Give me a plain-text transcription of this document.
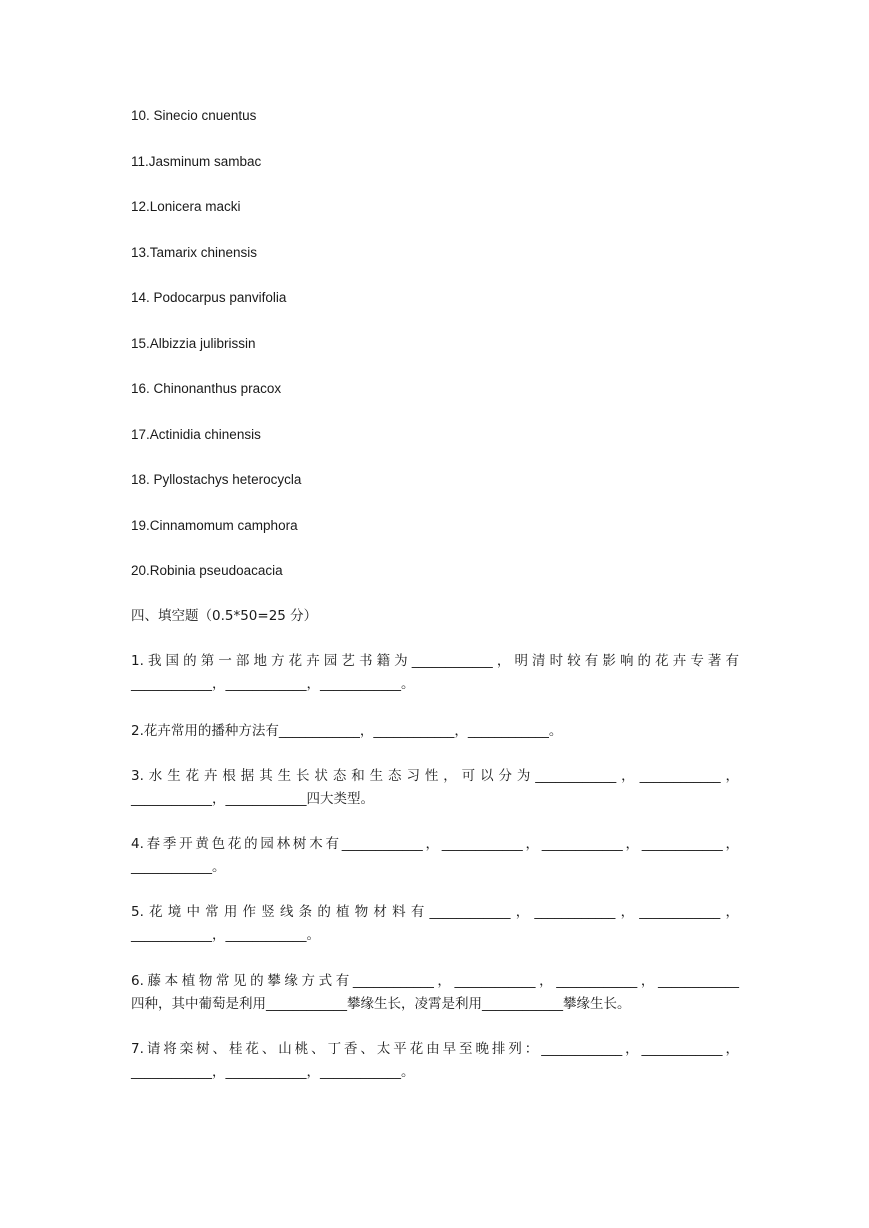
10. Sinecio cnuentus
11.Jasminum sambac
12.Lonicera macki
13.Tamarix chinensis
14. Podocarpus panvifolia
15.Albizzia julibrissin
16. Chinonanthus pracox
17.Actinidia chinensis
18. Pyllostachys heterocycla
19.Cinnamomum camphora
20.Robinia pseudoacacia
四、填空题（0.5*50=25 分）
1.我国的第一部地方花卉园艺书籍为____________，明清时较有影响的花卉专著有
____________，____________，____________。
2.花卉常用的播种方法有____________，____________，____________。
3.水生花卉根据其生长状态和生态习性，可以分为____________，____________，
____________，____________四大类型。
4.春季开黄色花的园林树木有____________，____________，____________，____________，
____________。
5.花境中常用作竖线条的植物材料有____________，____________，____________，
____________，____________。
6.藤本植物常见的攀缘方式有____________，____________，____________，____________
四种，其中葡萄是利用____________攀缘生长，凌霄是利用____________攀缘生长。
7.请将栾树、桂花、山桃、丁香、太平花由早至晚排列：____________，____________，
____________，____________，____________。
